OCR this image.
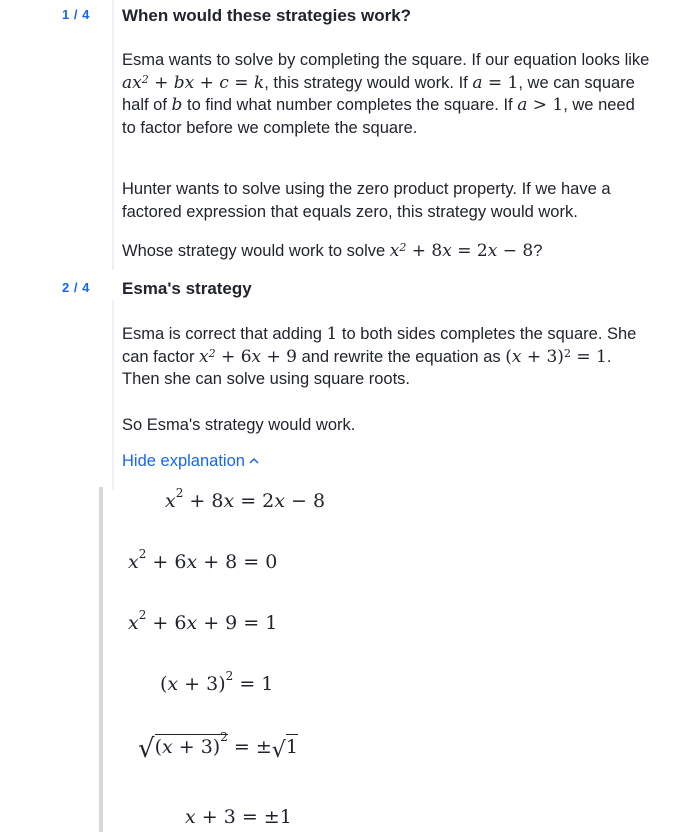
1 / 4 When would these strategies work?
Esma wants to solve by completing the square. If our equation looks like $ax^2$ + bx + c = k, this strategy would work. If a = 1, we can square half of b to find what number completes the square. If a > 1, we need to factor before we complete the square.
Hunter wants to solve using the zero product property. If we have a factored expression that equals zero, this strategy would work.
Whose strategy would work to solve $x^2 + 8x = 2x - 8$?
2 / 4 Esma's strategy
Esma is correct that adding 1 to both sides completes the square. She can factor $x^2 + 6x + 9$ and rewrite the equation as $(x + 3)^2 = 1$. Then she can solve using square roots.
So Esma's strategy would work.
Hide explanation
$x^2 + 8x = 2x - 8$
$x^2 + 6x + 8 = 0$
$x^2 + 6x + 9 = 1$
$(x + 3)^2 = 1$
$√(x + 3)^2 = \pm√1$
x + 3 = ±1
